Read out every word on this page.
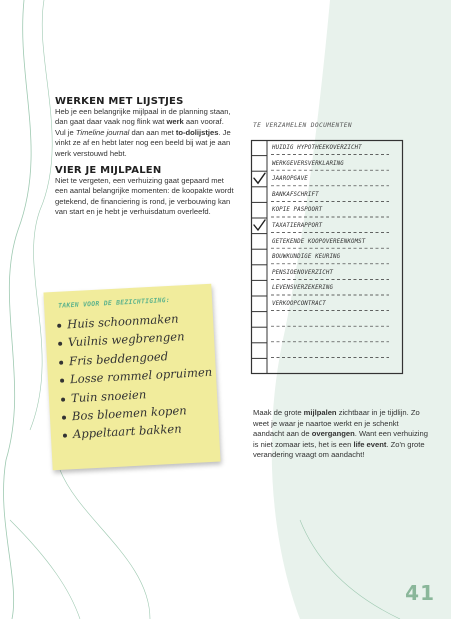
WERKEN MET LIJSTJES

Heb je een belangrijke mijlpaal in de planning staan, dan gaat daar vaak nog flink wat werk aan vooraf. Vul je Timeline journal dan aan met to-dolijstjes. Je vinkt ze af en hebt later nog een beeld bij wat je aan werk verstouwd hebt.

VIER JE MIJLPALEN

Niet te vergeten, een verhuizing gaat gepaard met een aantal belangrijke momenten: de koopakte wordt getekend, de financiering is rond, je verbouwing kan van start en je hebt je verhuisdatum overleefd.

TAKEN VOOR DE BEZICHTIGING:
Huis schoonmaken
Vuilnis wegbrengen
Fris beddengoed
Losse rommel opruimen
Tuin snoeien
Bos bloemen kopen
Appeltaart bakken
TE VERZAMELEN DOCUMENTEN
HUIDIG HYPOTHEEKOVERZICHT
WERKGEVERSVERKLARING
JAAROPGAVE
BANKAFSCHRIFT
KOPIE PASPOORT
TAXATIERAPPORT
GETEKENDE KOOPOVEREENKOMST
BOUWKUNDIGE KEURING
PENSIOENOVERZICHT
LEVENSVERZEKERING
VERKOOPCONTRACT

Maak de grote mijlpalen zichtbaar in je tijdlijn. Zo weet je waar je naartoe werkt en je schenkt aandacht aan de overgangen. Want een verhuizing is niet zomaar iets, het is een life event. Zo'n grote verandering vraagt om aandacht!

41
